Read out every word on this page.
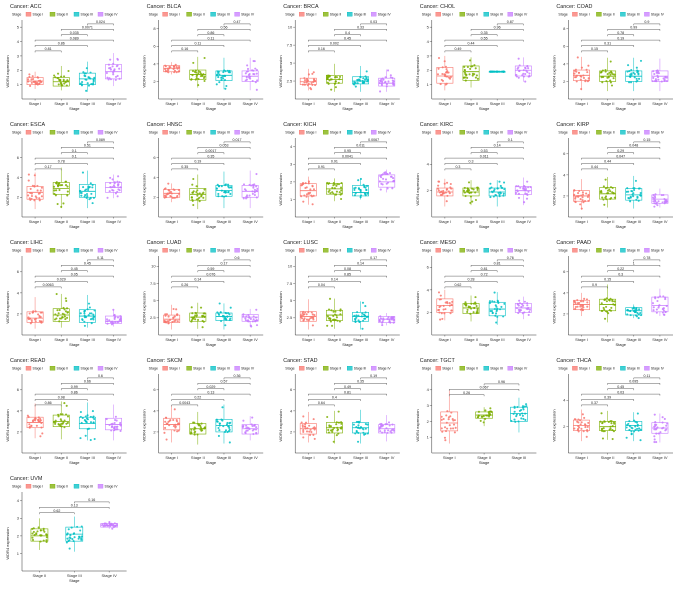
Cancer: ACC
Stage	Stage I	Stage II	Stage III	Stage IV
1
2
3
4
5
WDR4 expression
Stage I	Stage II	Stage III	Stage IV
Stage
0.81
0.86
0.089
0.035
0.0071
0.024
Cancer: BLCA
Stage	Stage I	Stage II	Stage III	Stage IV
2
4
6
8
WDR4 expression
Stage I	Stage II	Stage III	Stage IV
Stage
0.16
0.11
0.11
0.86
0.56
0.47
Cancer: BRCA
Stage	Stage I	Stage II	Stage III	Stage IV
2.5
5
7.5
10
WDR4 expression
Stage I	Stage II	Stage III	Stage IV
Stage
0.16
0.002
0.45
0.4
0.33
0.03
Cancer: CHOL
Stage	Stage I	Stage II	Stage III	Stage IV
1
2
3
4
5
WDR4 expression
Stage I	Stage II	Stage III	Stage IV
Stage
0.49
0.44
0.55
0.35
0.96
0.87
Cancer: COAD
Stage	Stage I	Stage II	Stage III	Stage IV
2
4
6
8
WDR4 expression
Stage I	Stage II	Stage III	Stage IV
Stage
0.15
0.31
0.19
0.78
0.99
0.9
Cancer: ESCA
Stage	Stage I	Stage II	Stage III	Stage IV
2
4
6
WDR4 expression
Stage I	Stage II	Stage III	Stage IV
Stage
0.17
0.78
0.1
0.1
0.51
0.089
Cancer: HNSC
Stage	Stage I	Stage II	Stage III	Stage IV
2
4
6
WDR4 expression
Stage I	Stage II	Stage III	Stage IV
Stage
0.35
0.19
0.35
0.0017
0.053
0.017
Cancer: KICH
Stage	Stage I	Stage II	Stage III	Stage IV
1
2
3
4
WDR4 expression
Stage I	Stage II	Stage III	Stage IV
Stage
0.91
0.91
0.0041
0.95
0.011
0.0067
Cancer: KIRC
Stage	Stage I	Stage II	Stage III	Stage IV
2
4
WDR4 expression
Stage I	Stage II	Stage III	Stage IV
Stage
0.3
0.3
0.011
0.53
0.14
0.1
Cancer: KIRP
Stage	Stage I	Stage II	Stage III	Stage IV
2
4
6
WDR4 expression
Stage I	Stage II	Stage III	Stage IV
Stage
0.44
0.44
0.047
0.29
0.048
0.15
Cancer: LIHC
Stage	Stage I	Stage II	Stage III	Stage IV
2
4
6
WDR4 expression
Stage I	Stage II	Stage III	Stage IV
Stage
0.0063
0.029
0.05
0.45
0.45
0.11
Cancer: LUAD
Stage	Stage I	Stage II	Stage III	Stage IV
2.5
5
7.5
10
WDR4 expression
Stage I	Stage II	Stage III	Stage IV
Stage
0.26
0.14
0.076
0.59
0.17
0.6
Cancer: LUSC
Stage	Stage I	Stage II	Stage III	Stage IV
2.5
5
7.5
10
WDR4 expression
Stage I	Stage II	Stage III	Stage IV
Stage
0.04
0.14
0.85
0.08
0.14
0.17
Cancer: MESO
Stage	Stage I	Stage II	Stage III	Stage IV
2
4
6
WDR4 expression
Stage I	Stage II	Stage III	Stage IV
Stage
0.62
0.28
0.72
0.81
0.81
0.76
Cancer: PAAD
Stage	Stage I	Stage II	Stage III	Stage IV
2
4
6
WDR4 expression
Stage I	Stage II	Stage III	Stage IV
Stage
0.9
0.15
0.3
0.22
1
0.78
Cancer: READ
Stage	Stage I	Stage II	Stage III	Stage IV
2
4
6
WDR4 expression
Stage I	Stage II	Stage III	Stage IV
Stage
0.86
0.98
0.86
0.99
0.66
0.6
Cancer: SKCM
Stage	Stage I	Stage II	Stage III	Stage IV
2
4
6
WDR4 expression
Stage I	Stage II	Stage III	Stage IV
Stage
0.0043
0.22
0.13
0.029
0.57
0.36
Cancer: STAD
Stage	Stage I	Stage II	Stage III	Stage IV
2
4
6
WDR4 expression
Stage I	Stage II	Stage III	Stage IV
Stage
0.64
0.4
0.81
0.49
0.35
0.19
Cancer: TGCT
Stage	Stage I	Stage II	Stage III	Stage IV
1
2
3
4
WDR4 expression
Stage I	Stage II	Stage III
Stage
0.26
0.067
0.96
Cancer: THCA
Stage	Stage I	Stage II	Stage III	Stage IV
2
4
WDR4 expression
Stage I	Stage II	Stage III	Stage IV
Stage
0.37
0.39
0.03
0.45
0.095
0.11
Cancer: UVM
Stage	Stage I	Stage II	Stage III	Stage IV
1
2
3
4
WDR4 expression
Stage II	Stage III	Stage IV
Stage
0.62
0.13
0.16
